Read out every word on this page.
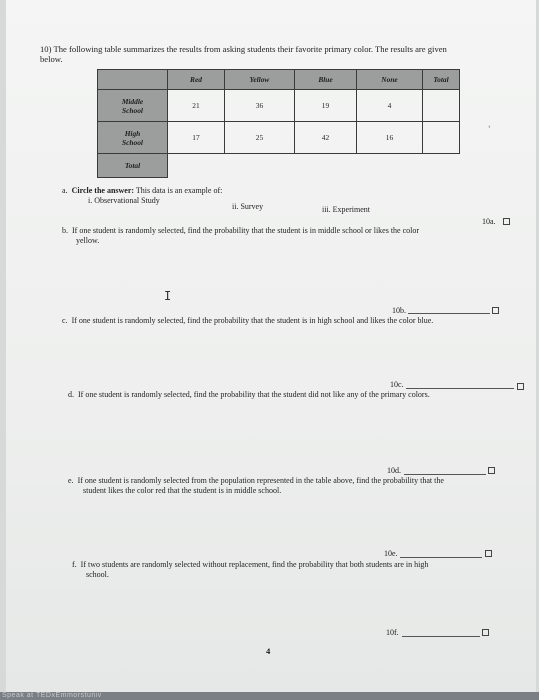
10) The following table summarizes the results from asking students their favorite primary color. The results are given
below.
	Red	Yellow	Blue	None	Total
Middle
School	21	36	19	4	
High
School	17	25	42	16	
Total					
‘
a. Circle the answer: This data is an example of:
i. Observational Study
ii. Survey	iii. Experiment
10a.
b. If one student is randomly selected, find the probability that the student is in middle school or likes the color
yellow.
I
10b.
c. If one student is randomly selected, find the probability that the student is in high school and likes the color blue.
10c.
d. If one student is randomly selected, find the probability that the student did not like any of the primary colors.
10d.
e. If one student is randomly selected from the population represented in the table above, find the probability that the
student likes the color red that the student is in middle school.
10e.
f. If two students are randomly selected without replacement, find the probability that both students are in high
school.
10f.
4
Speak at TEDxEmmorstuniv
